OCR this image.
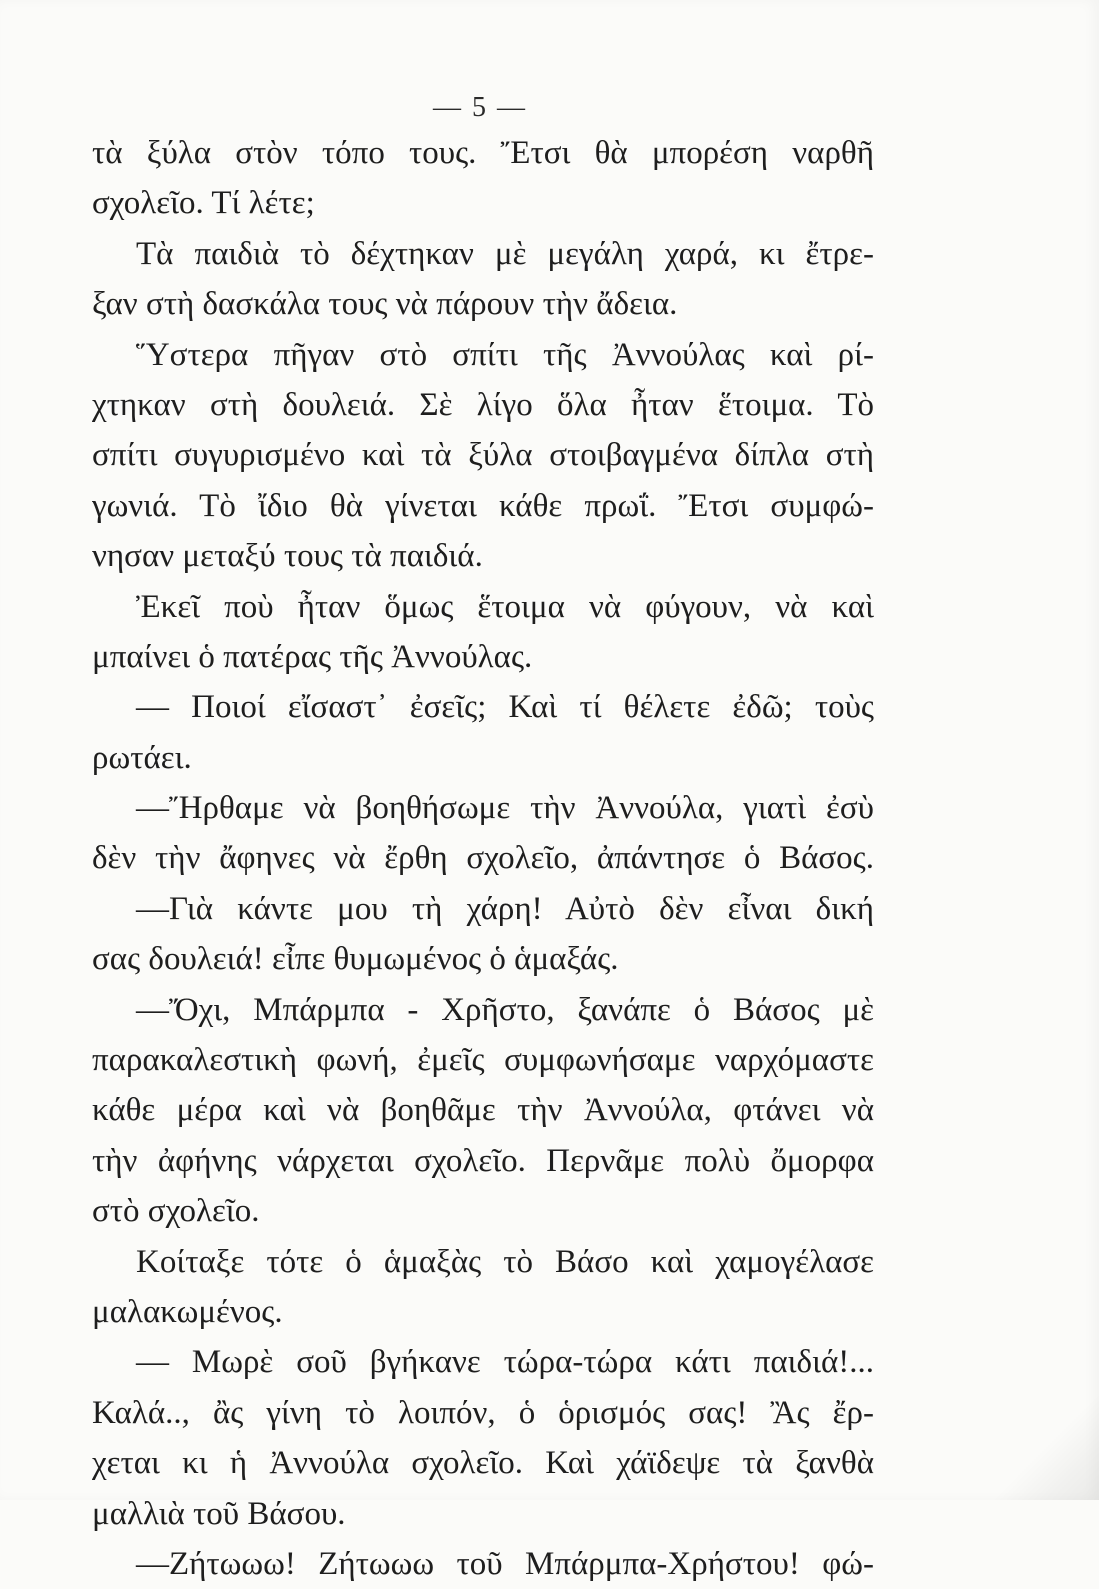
— 5 —
τὰ ξύλα στὸν τόπο τους. Ἔτσι θὰ μπορέση ναρθῆ
σχολεῖο. Τί λέτε;
Τὰ παιδιὰ τὸ δέχτηκαν μὲ μεγάλη χαρά, κι ἔτρε-
ξαν στὴ δασκάλα τους νὰ πάρουν τὴν ἄδεια.
Ὕστερα πῆγαν στὸ σπίτι τῆς Ἀννούλας καὶ ρί-
χτηκαν στὴ δουλειά. Σὲ λίγο ὅλα ἦταν ἕτοιμα. Τὸ
σπίτι συγυρισμένο καὶ τὰ ξύλα στοιβαγμένα δίπλα στὴ
γωνιά. Τὸ ἴδιο θὰ γίνεται κάθε πρωΐ. Ἔτσι συμφώ-
νησαν μεταξύ τους τὰ παιδιά.
Ἐκεῖ ποὺ ἦταν ὅμως ἕτοιμα νὰ φύγουν, νὰ καὶ
μπαίνει ὁ πατέρας τῆς Ἀννούλας.
— Ποιοί εἴσαστ᾽ ἐσεῖς; Καὶ τί θέλετε ἐδῶ; τοὺς
ρωτάει.
—Ἤρθαμε νὰ βοηθήσωμε τὴν Ἀννούλα, γιατὶ ἐσὺ
δὲν τὴν ἄφηνες νὰ ἔρθη σχολεῖο, ἀπάντησε ὁ Βάσος.
—Γιὰ κάντε μου τὴ χάρη! Αὐτὸ δὲν εἶναι δική
σας δουλειά! εἶπε θυμωμένος ὁ ἁμαξάς.
—Ὄχι, Μπάρμπα - Χρῆστο, ξανάπε ὁ Βάσος μὲ
παρακαλεστικὴ φωνή, ἐμεῖς συμφωνήσαμε ναρχόμαστε
κάθε μέρα καὶ νὰ βοηθᾶμε τὴν Ἀννούλα, φτάνει νὰ
τὴν ἀφήνης νάρχεται σχολεῖο. Περνᾶμε πολὺ ὄμορφα
στὸ σχολεῖο.
Κοίταξε τότε ὁ ἁμαξὰς τὸ Βάσο καὶ χαμογέλασε
μαλακωμένος.
— Μωρὲ σοῦ βγήκανε τώρα-τώρα κάτι παιδιά!...
Καλά.., ἂς γίνη τὸ λοιπόν, ὁ ὁρισμός σας! Ἂς ἔρ-
χεται κι ἡ Ἀννούλα σχολεῖο. Καὶ χάϊδεψε τὰ ξανθὰ
μαλλιὰ τοῦ Βάσου.
—Ζήτωωω! Ζήτωωω τοῦ Μπάρμπα-Χρήστου! φώ-
